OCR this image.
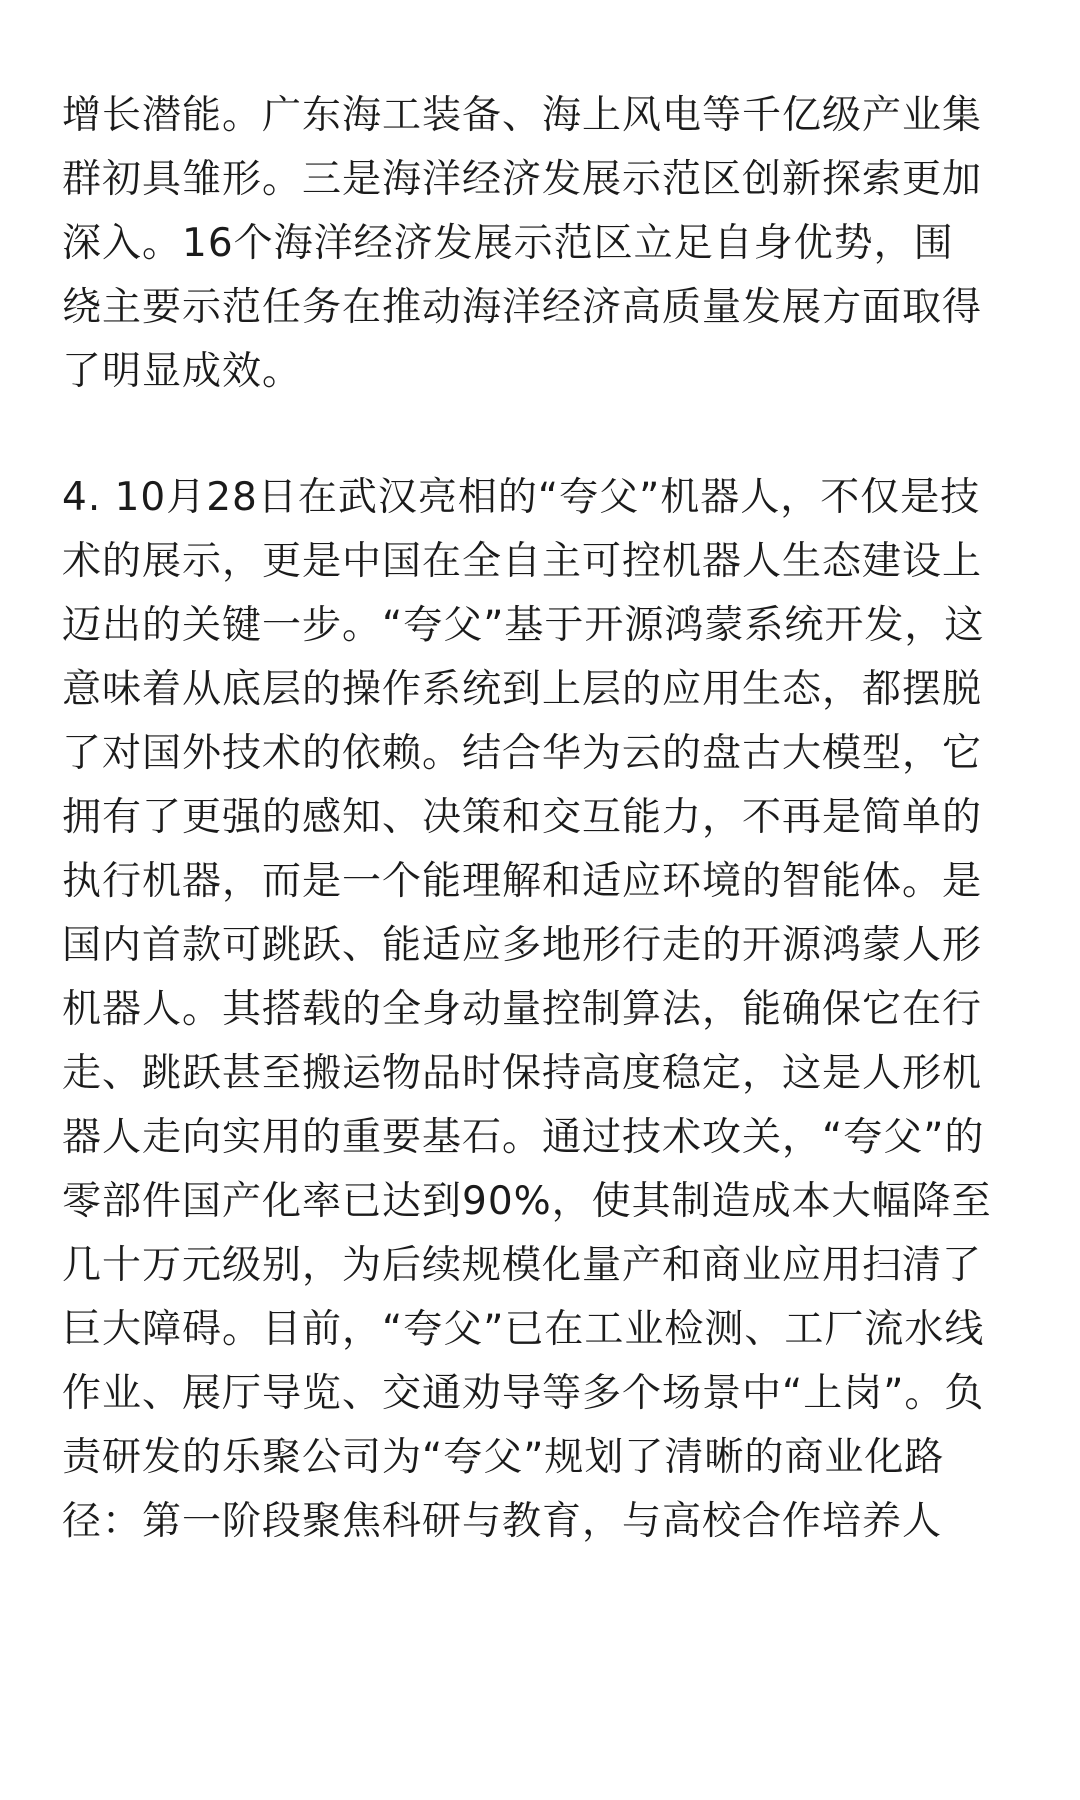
增长潜能。广东海工装备、海上风电等千亿级产业集
群初具雏形。三是海洋经济发展示范区创新探索更加
深入。16个海洋经济发展示范区立足自身优势，围
绕主要示范任务在推动海洋经济高质量发展方面取得
了明显成效。

4. 10月28日在武汉亮相的“夸父”机器人，不仅是技
术的展示，更是中国在全自主可控机器人生态建设上
迈出的关键一步。“夸父”基于开源鸿蒙系统开发，这
意味着从底层的操作系统到上层的应用生态，都摆脱
了对国外技术的依赖。结合华为云的盘古大模型，它
拥有了更强的感知、决策和交互能力，不再是简单的
执行机器，而是一个能理解和适应环境的智能体。是
国内首款可跳跃、能适应多地形行走的开源鸿蒙人形
机器人。其搭载的全身动量控制算法，能确保它在行
走、跳跃甚至搬运物品时保持高度稳定，这是人形机
器人走向实用的重要基石。通过技术攻关，“夸父”的
零部件国产化率已达到90%，使其制造成本大幅降至
几十万元级别，为后续规模化量产和商业应用扫清了
巨大障碍。目前，“夸父”已在工业检测、工厂流水线
作业、展厅导览、交通劝导等多个场景中“上岗”。负
责研发的乐聚公司为“夸父”规划了清晰的商业化路
径：第一阶段聚焦科研与教育，与高校合作培养人
